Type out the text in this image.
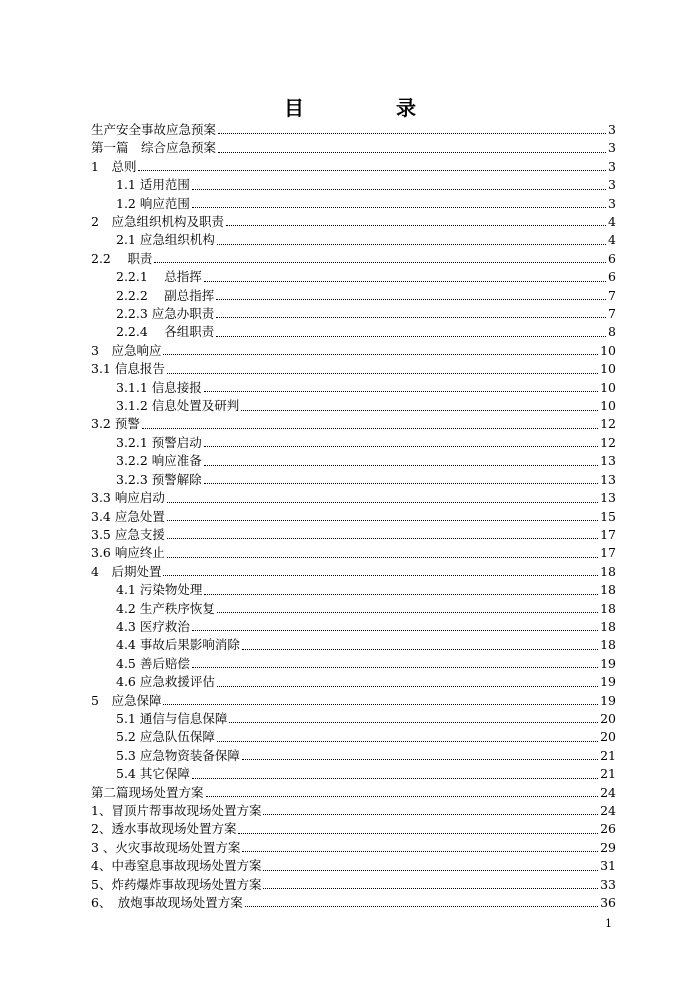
目　录
生产安全事故应急预案	3
第一篇　综合应急预案	3
1　总则	3
1.1 适用范围	3
1.2 响应范围	3
2　应急组织机构及职责	4
2.1 应急组织机构	4
2.2　 职责	6
2.2.1　 总指挥	6
2.2.2　 副总指挥	7
2.2.3 应急办职责	7
2.2.4　 各组职责	8
3　应急响应	10
3.1 信息报告	10
3.1.1 信息接报	10
3.1.2 信息处置及研判	10
3.2 预警	12
3.2.1 预警启动	12
3.2.2 响应准备	13
3.2.3 预警解除	13
3.3 响应启动	13
3.4 应急处置	15
3.5 应急支援	17
3.6 响应终止	17
4　后期处置	18
4.1 污染物处理	18
4.2 生产秩序恢复	18
4.3 医疗救治	18
4.4 事故后果影响消除	18
4.5 善后赔偿	19
4.6 应急救援评估	19
5　应急保障	19
5.1 通信与信息保障	20
5.2 应急队伍保障	20
5.3 应急物资装备保障	21
5.4 其它保障	21
第二篇现场处置方案	24
1、冒顶片帮事故现场处置方案	24
2、透水事故现场处置方案	26
3 、火灾事故现场处置方案	29
4、中毒窒息事故现场处置方案	31
5、炸药爆炸事故现场处置方案	33
6、　放炮事故现场处置方案	36
1
